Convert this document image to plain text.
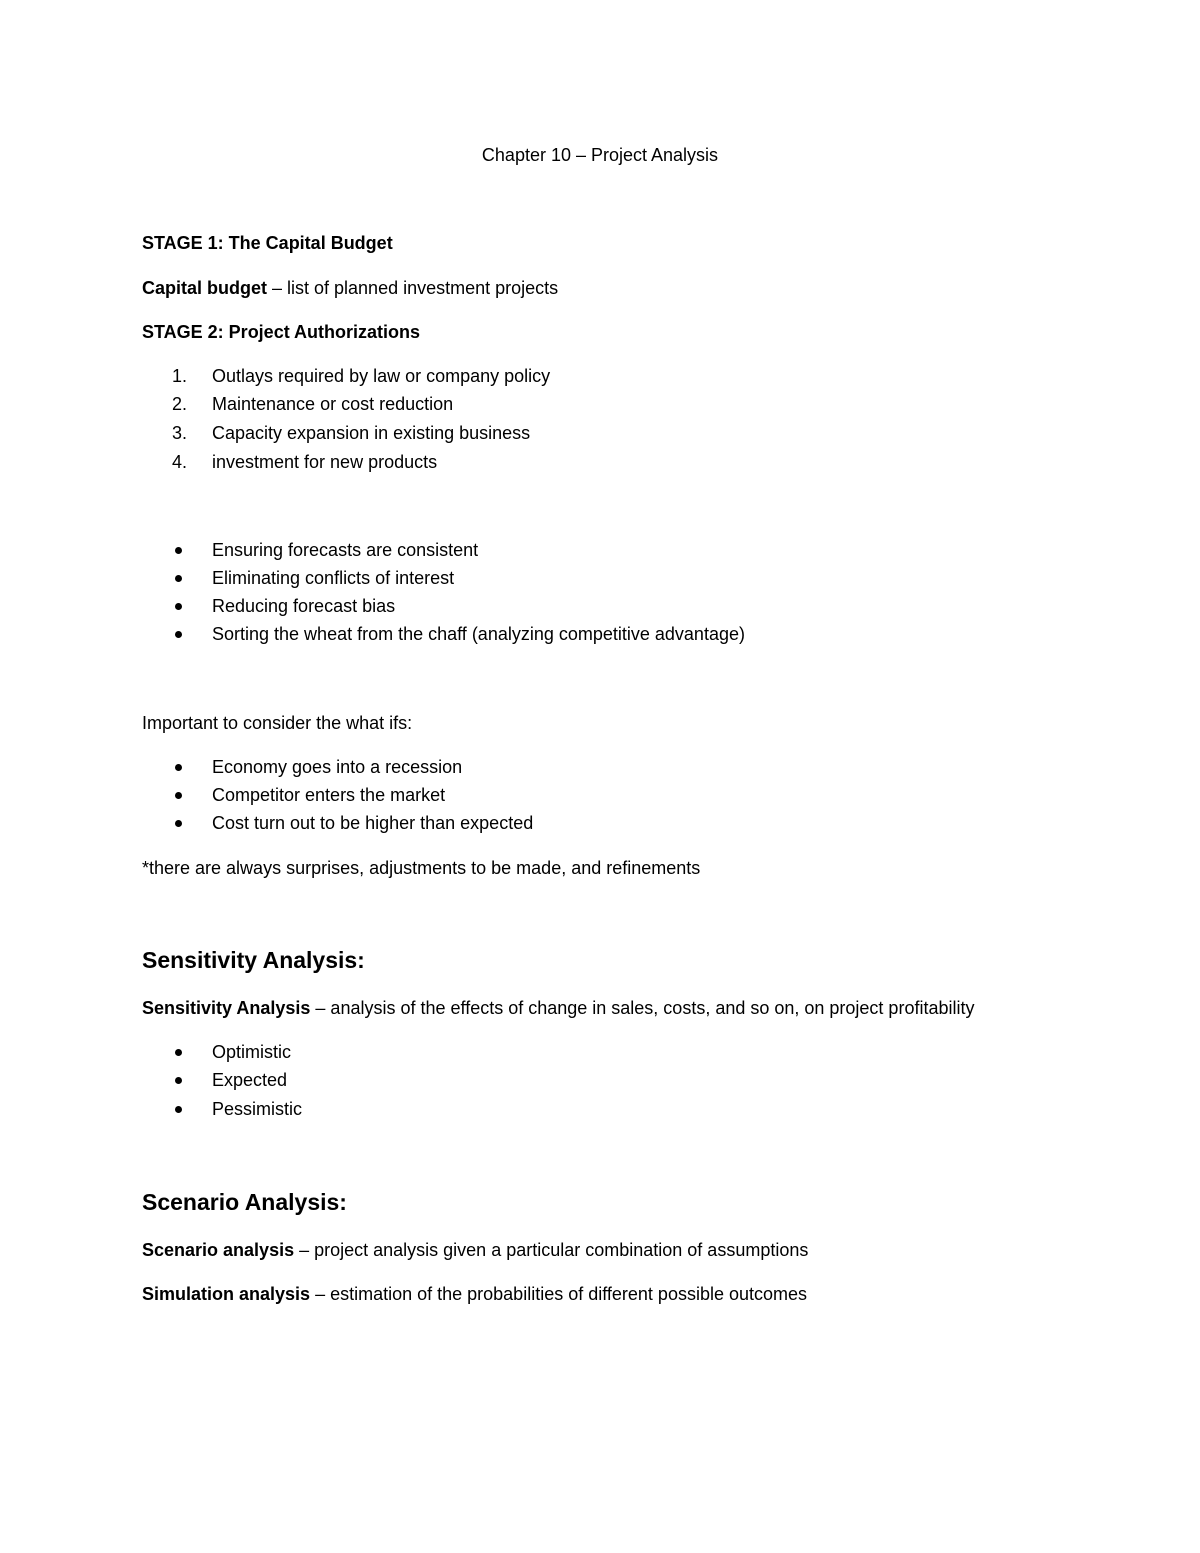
Chapter 10 – Project Analysis
STAGE 1: The Capital Budget
Capital budget – list of planned investment projects
STAGE 2: Project Authorizations
1.	Outlays required by law or company policy
2.	Maintenance or cost reduction
3.	Capacity expansion in existing business
4.	investment for new products
Ensuring forecasts are consistent
Eliminating conflicts of interest
Reducing forecast bias
Sorting the wheat from the chaff (analyzing competitive advantage)
Important to consider the what ifs:
Economy goes into a recession
Competitor enters the market
Cost turn out to be higher than expected
*there are always surprises, adjustments to be made, and refinements
Sensitivity Analysis:
Sensitivity Analysis – analysis of the effects of change in sales, costs, and so on, on project profitability
Optimistic
Expected
Pessimistic
Scenario Analysis:
Scenario analysis – project analysis given a particular combination of assumptions
Simulation analysis – estimation of the probabilities of different possible outcomes
